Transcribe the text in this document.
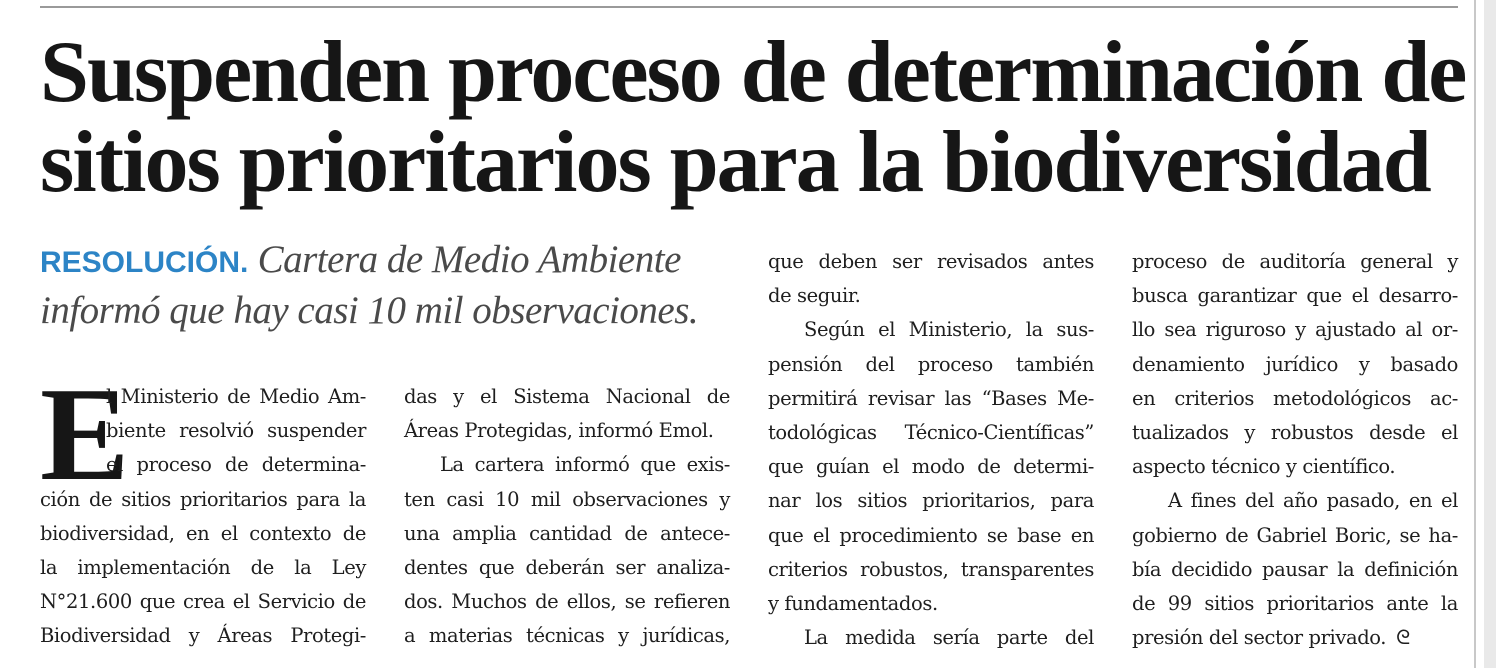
Suspenden proceso de determinación de
sitios prioritarios para la biodiversidad
RESOLUCIÓN. Cartera de Medio Ambiente
informó que hay casi 10 mil observaciones.
E
l Ministerio de Medio Am-
biente resolvió suspender
el proceso de determina-
ción de sitios prioritarios para la
biodiversidad, en el contexto de
la implementación de la Ley
N°21.600 que crea el Servicio de
Biodiversidad y Áreas Protegi-
das y el Sistema Nacional de
Áreas Protegidas, informó Emol.
La cartera informó que exis-
ten casi 10 mil observaciones y
una amplia cantidad de antece-
dentes que deberán ser analiza-
dos. Muchos de ellos, se refieren
a materias técnicas y jurídicas,
que deben ser revisados antes
de seguir.
Según el Ministerio, la sus-
pensión del proceso también
permitirá revisar las “Bases Me-
todológicas Técnico-Científicas”
que guían el modo de determi-
nar los sitios prioritarios, para
que el procedimiento se base en
criterios robustos, transparentes
y fundamentados.
La medida sería parte del
proceso de auditoría general y
busca garantizar que el desarro-
llo sea riguroso y ajustado al or-
denamiento jurídico y basado
en criterios metodológicos ac-
tualizados y robustos desde el
aspecto técnico y científico.
A fines del año pasado, en el
gobierno de Gabriel Boric, se ha-
bía decidido pausar la definición
de 99 sitios prioritarios ante la
presión del sector privado. ᘓ
